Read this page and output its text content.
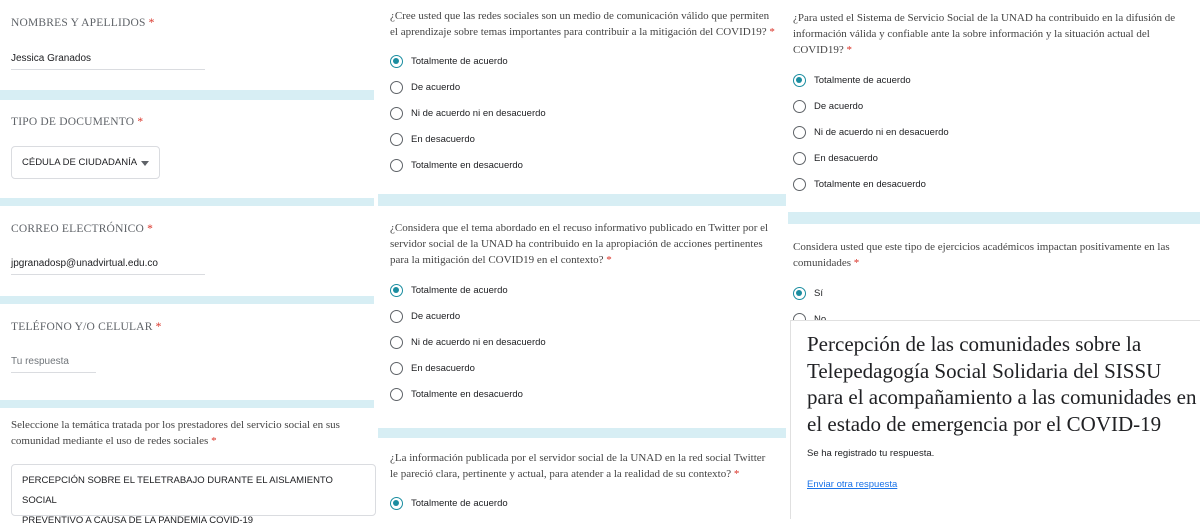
NOMBRES Y APELLIDOS *
Jessica Granados
TIPO DE DOCUMENTO *
CÉDULA DE CIUDADANÍA
CORREO ELECTRÓNICO *
jpgranadosp@unadvirtual.edu.co
TELÉFONO Y/O CELULAR *
Tu respuesta
Seleccione la temática tratada por los prestadores del servicio social en sus comunidad mediante el uso de redes sociales *
PERCEPCIÓN SOBRE EL TELETRABAJO DURANTE EL AISLAMIENTO SOCIAL
PREVENTIVO A CAUSA DE LA PANDEMIA COVID-19
¿Cree usted que las redes sociales son un medio de comunicación válido que permiten el aprendizaje sobre temas importantes para contribuir a la mitigación del COVID19? *
Totalmente de acuerdo
De acuerdo
Ni de acuerdo ni en desacuerdo
En desacuerdo
Totalmente en desacuerdo
¿Considera que el tema abordado en el recuso informativo publicado en Twitter por el servidor social de la UNAD ha contribuido en la apropiación de acciones pertinentes para la mitigación del COVID19 en el contexto? *
Totalmente de acuerdo
De acuerdo
Ni de acuerdo ni en desacuerdo
En desacuerdo
Totalmente en desacuerdo
¿La información publicada por el servidor social de la UNAD en la red social Twitter le pareció clara, pertinente y actual, para atender a la realidad de su contexto? *
Totalmente de acuerdo
¿Para usted el Sistema de Servicio Social de la UNAD ha contribuido en la difusión de información válida y confiable ante la sobre información y la situación actual del COVID19? *
Totalmente de acuerdo
De acuerdo
Ni de acuerdo ni en desacuerdo
En desacuerdo
Totalmente en desacuerdo
Considera usted que este tipo de ejercicios académicos impactan positivamente en las comunidades *
Sí
Percepción de las comunidades sobre la Telepedagogía Social Solidaria del SISSU para el acompañamiento a las comunidades en el estado de emergencia por el COVID-19
Se ha registrado tu respuesta.
Enviar otra respuesta
